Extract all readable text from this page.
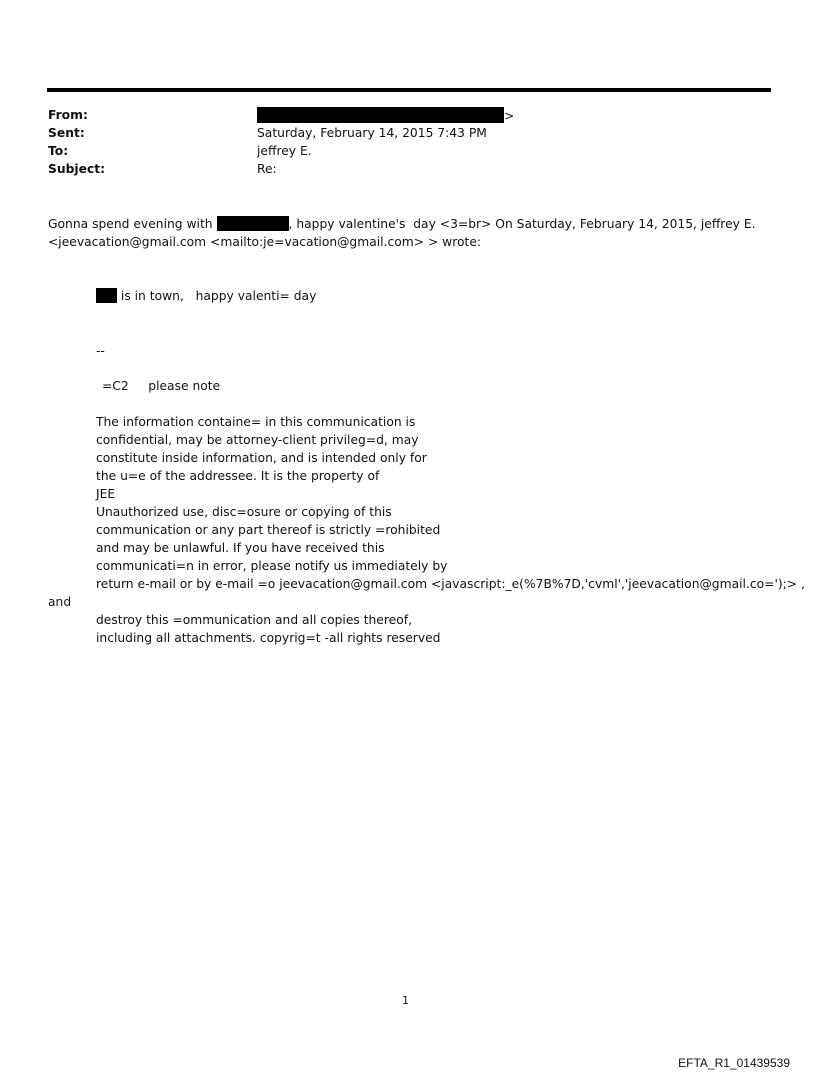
From:	>
Sent:	Saturday, February 14, 2015 7:43 PM
To:	jeffrey E.
Subject:	Re:
Gonna spend evening with	, happy valentine's  day <3=br> On Saturday, February 14, 2015, jeffrey E.
<jeevacation@gmail.com <mailto:je=vacation@gmail.com> > wrote:
is in town,   happy valenti= day
--
=C2     please note
The information containe= in this communication is
confidential, may be attorney-client privileg=d, may
constitute inside information, and is intended only for
the u=e of the addressee. It is the property of
JEE
Unauthorized use, disc=osure or copying of this
communication or any part thereof is strictly =rohibited
and may be unlawful. If you have received this
communicati=n in error, please notify us immediately by
return e-mail or by e-mail =o jeevacation@gmail.com <javascript:_e(%7B%7D,'cvml','jeevacation@gmail.co=');> ,
and
destroy this =ommunication and all copies thereof,
including all attachments. copyrig=t -all rights reserved
1
EFTA_R1_01439539
